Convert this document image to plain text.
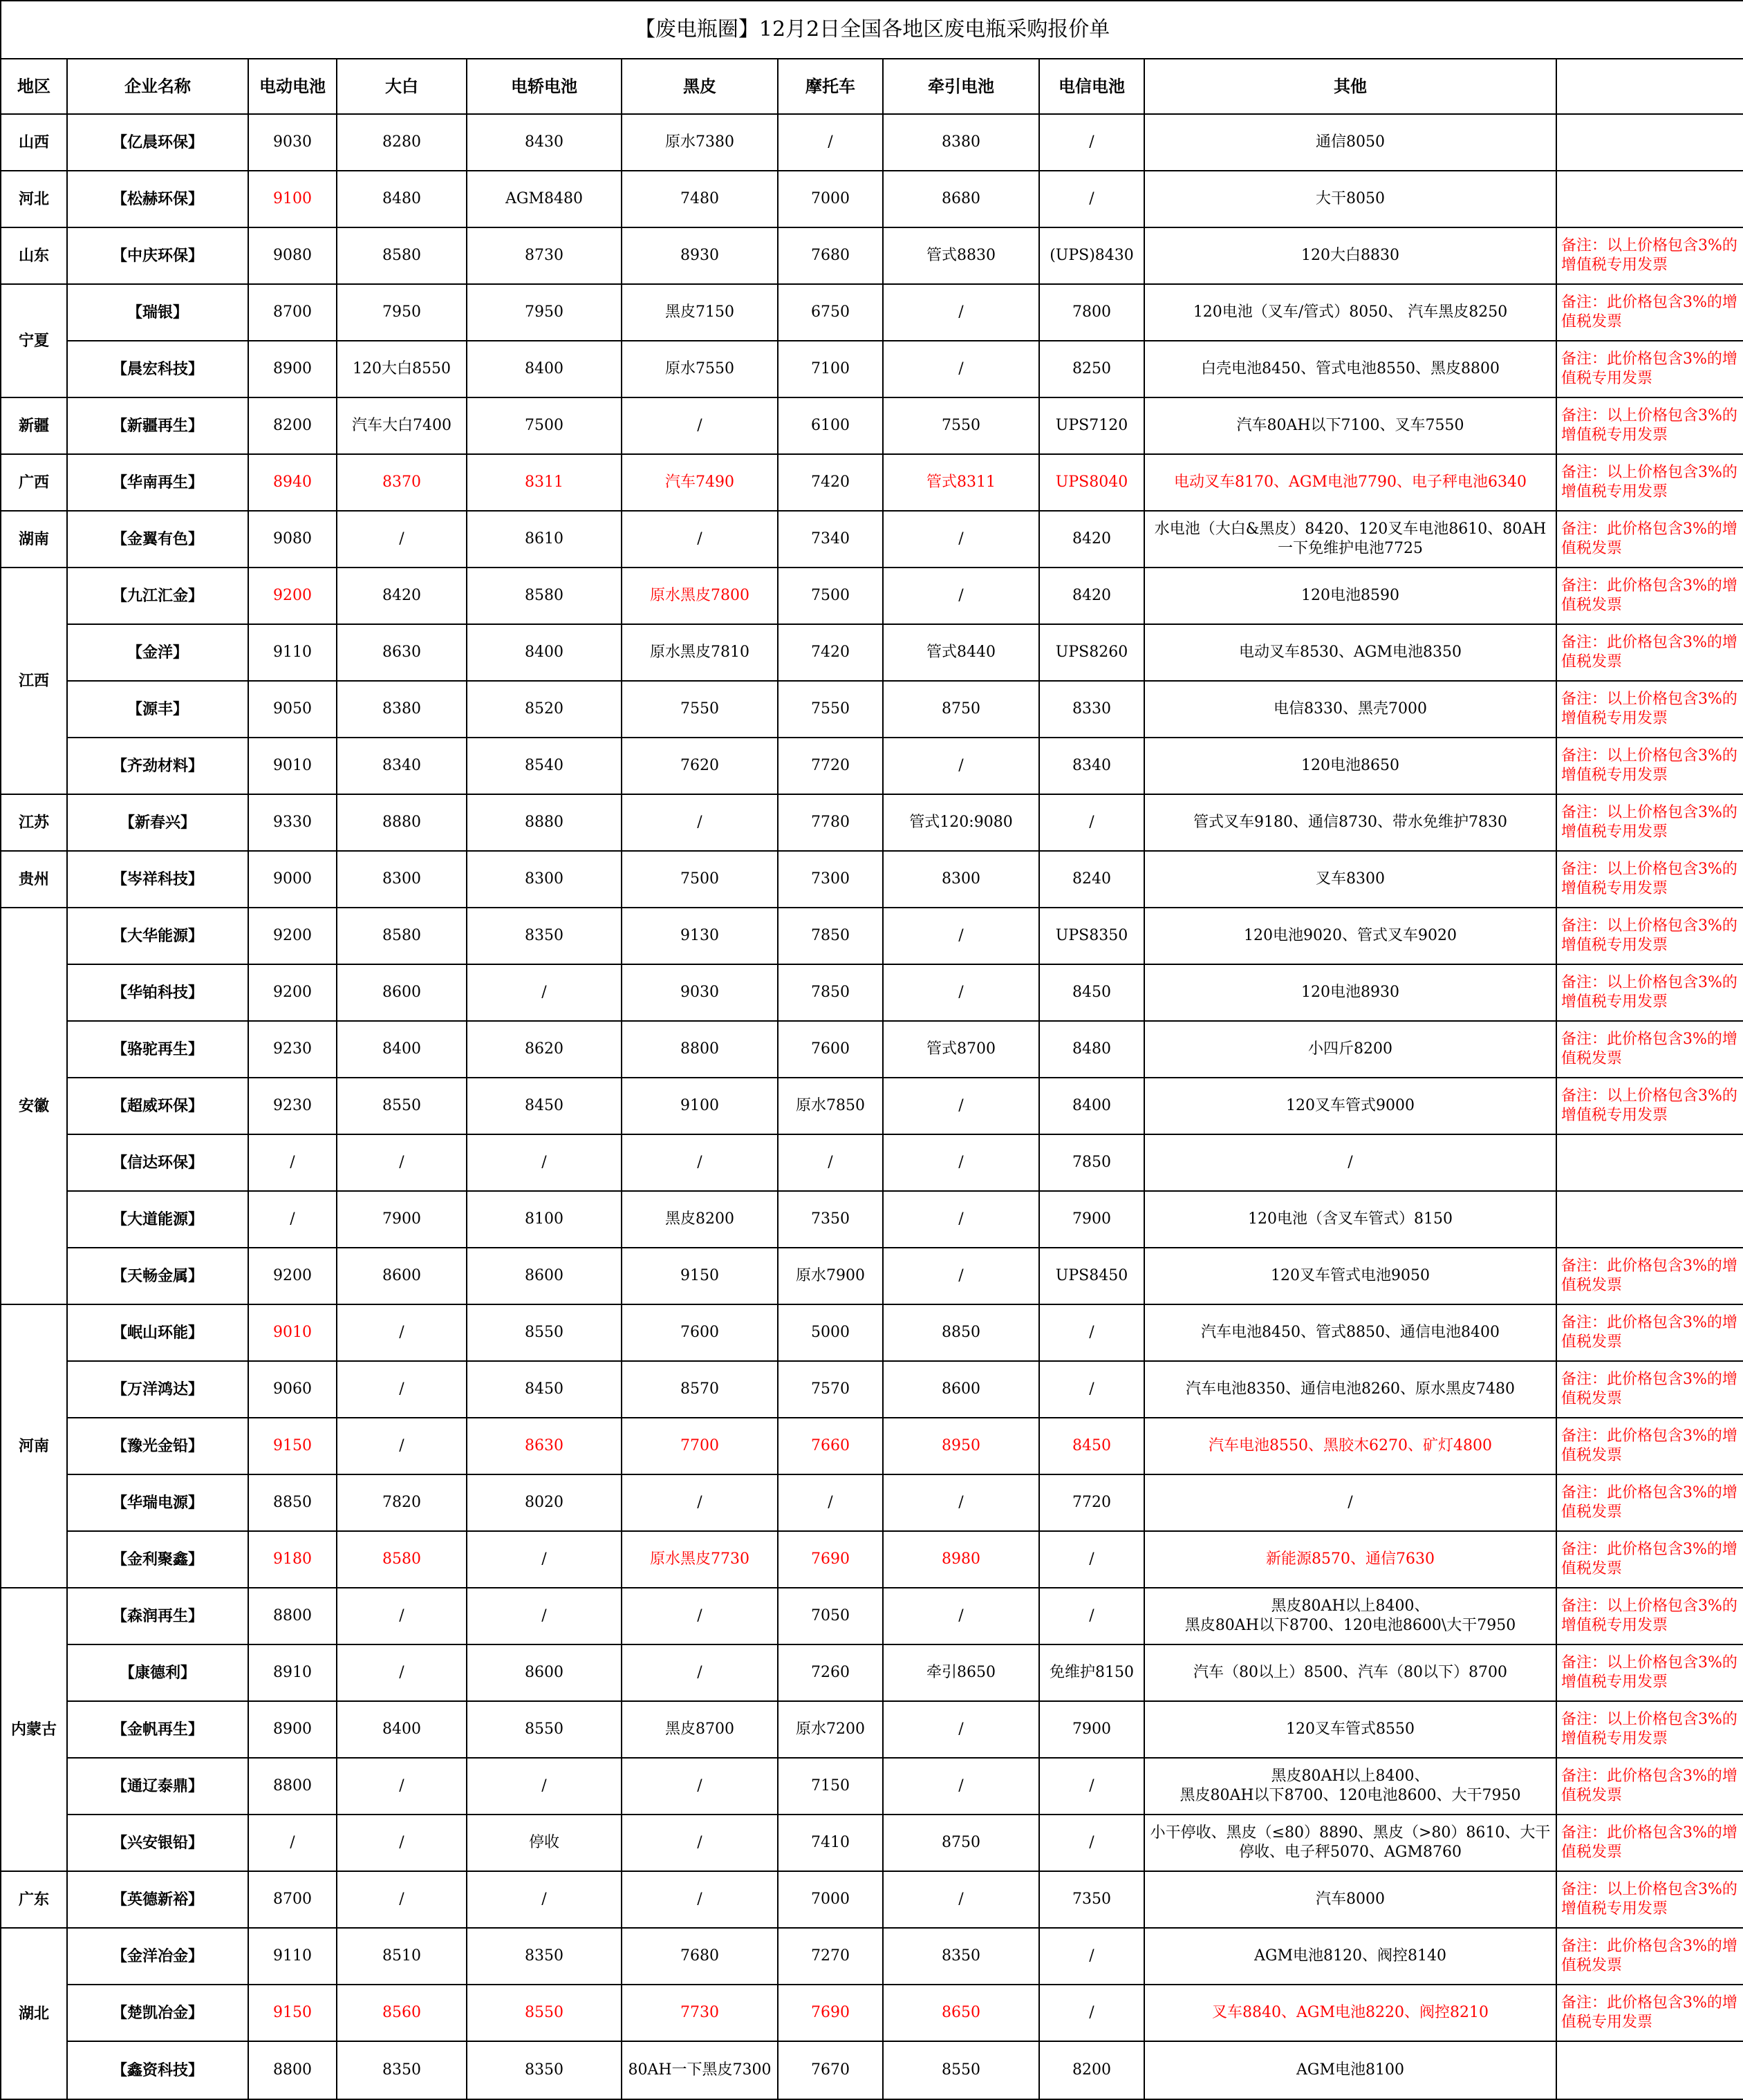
【废电瓶圈】12月2日全国各地区废电瓶采购报价单										
地区	企业名称	电动电池	大白	电轿电池	黑皮	摩托车	牵引电池	电信电池	其他	
山西	【亿晨环保】	9030	8280	8430	原水7380	/	8380	/	通信8050	
河北	【松赫环保】	9100	8480	AGM8480	7480	7000	8680	/	大干8050	
山东	【中庆环保】	9080	8580	8730	8930	7680	管式8830	(UPS)8430	120大白8830	备注：以上价格包含3%的增值税专用发票
宁夏	【瑞银】	8700	7950	7950	黑皮7150	6750	/	7800	120电池（叉车/管式）8050、 汽车黑皮8250	备注：此价格包含3%的增值税发票
	【晨宏科技】	8900	120大白8550	8400	原水7550	7100	/	8250	白壳电池8450、管式电池8550、黑皮8800	备注：此价格包含3%的增值税专用发票
新疆	【新疆再生】	8200	汽车大白7400	7500	/	6100	7550	UPS7120	汽车80AH以下7100、叉车7550	备注：以上价格包含3%的增值税专用发票
广西	【华南再生】	8940	8370	8311	汽车7490	7420	管式8311	UPS8040	电动叉车8170、AGM电池7790、电子秤电池6340	备注：以上价格包含3%的增值税专用发票
湖南	【金翼有色】	9080	/	8610	/	7340	/	8420	水电池（大白&黑皮）8420、120叉车电池8610、80AH一下免维护电池7725	备注：此价格包含3%的增值税发票
江西	【九江汇金】	9200	8420	8580	原水黑皮7800	7500	/	8420	120电池8590	备注：此价格包含3%的增值税发票
	【金洋】	9110	8630	8400	原水黑皮7810	7420	管式8440	UPS8260	电动叉车8530、AGM电池8350	备注：此价格包含3%的增值税发票
	【源丰】	9050	8380	8520	7550	7550	8750	8330	电信8330、黑壳7000	备注：以上价格包含3%的增值税专用发票
	【齐劲材料】	9010	8340	8540	7620	7720	/	8340	120电池8650	备注：以上价格包含3%的增值税专用发票
江苏	【新春兴】	9330	8880	8880	/	7780	管式120:9080	/	管式叉车9180、通信8730、带水免维护7830	备注：以上价格包含3%的增值税专用发票
贵州	【岑祥科技】	9000	8300	8300	7500	7300	8300	8240	叉车8300	备注：以上价格包含3%的增值税专用发票
安徽	【大华能源】	9200	8580	8350	9130	7850	/	UPS8350	120电池9020、管式叉车9020	备注：以上价格包含3%的增值税专用发票
	【华铂科技】	9200	8600	/	9030	7850	/	8450	120电池8930	备注：以上价格包含3%的增值税专用发票
	【骆驼再生】	9230	8400	8620	8800	7600	管式8700	8480	小四斤8200	备注：此价格包含3%的增值税发票
	【超威环保】	9230	8550	8450	9100	原水7850	/	8400	120叉车管式9000	备注：以上价格包含3%的增值税专用发票
	【信达环保】	/	/	/	/	/	/	7850	/	
	【大道能源】	/	7900	8100	黑皮8200	7350	/	7900	120电池（含叉车管式）8150	
	【天畅金属】	9200	8600	8600	9150	原水7900	/	UPS8450	120叉车管式电池9050	备注：此价格包含3%的增值税发票
河南	【岷山环能】	9010	/	8550	7600	5000	8850	/	汽车电池8450、管式8850、通信电池8400	备注：此价格包含3%的增值税发票
	【万洋鸿达】	9060	/	8450	8570	7570	8600	/	汽车电池8350、通信电池8260、原水黑皮7480	备注：此价格包含3%的增值税发票
	【豫光金铅】	9150	/	8630	7700	7660	8950	8450	汽车电池8550、黑胶木6270、矿灯4800	备注：此价格包含3%的增值税发票
	【华瑞电源】	8850	7820	8020	/	/	/	7720	/	备注：此价格包含3%的增值税发票
	【金利聚鑫】	9180	8580	/	原水黑皮7730	7690	8980	/	新能源8570、通信7630	备注：此价格包含3%的增值税发票
内蒙古	【森润再生】	8800	/	/	/	7050	/	/	黑皮80AH以上8400、
黑皮80AH以下8700、120电池8600\大干7950	备注：以上价格包含3%的增值税专用发票
	【康德利】	8910	/	8600	/	7260	牵引8650	免维护8150	汽车（80以上）8500、汽车（80以下）8700	备注：以上价格包含3%的增值税专用发票
	【金帆再生】	8900	8400	8550	黑皮8700	原水7200	/	7900	120叉车管式8550	备注：以上价格包含3%的增值税专用发票
	【通辽泰鼎】	8800	/	/	/	7150	/	/	黑皮80AH以上8400、
黑皮80AH以下8700、120电池8600、大干7950	备注：此价格包含3%的增值税发票
	【兴安银铅】	/	/	停收	/	7410	8750	/	小干停收、黑皮（≤80）8890、黑皮（>80）8610、大干停收、电子秤5070、AGM8760	备注：此价格包含3%的增值税发票
广东	【英德新裕】	8700	/	/	/	7000	/	7350	汽车8000	备注：以上价格包含3%的增值税专用发票
湖北	【金洋冶金】	9110	8510	8350	7680	7270	8350	/	AGM电池8120、阀控8140	备注：此价格包含3%的增值税发票
	【楚凯冶金】	9150	8560	8550	7730	7690	8650	/	叉车8840、AGM电池8220、阀控8210	备注：此价格包含3%的增值税专用发票
	【鑫资科技】	8800	8350	8350	80AH一下黑皮7300	7670	8550	8200	AGM电池8100	
